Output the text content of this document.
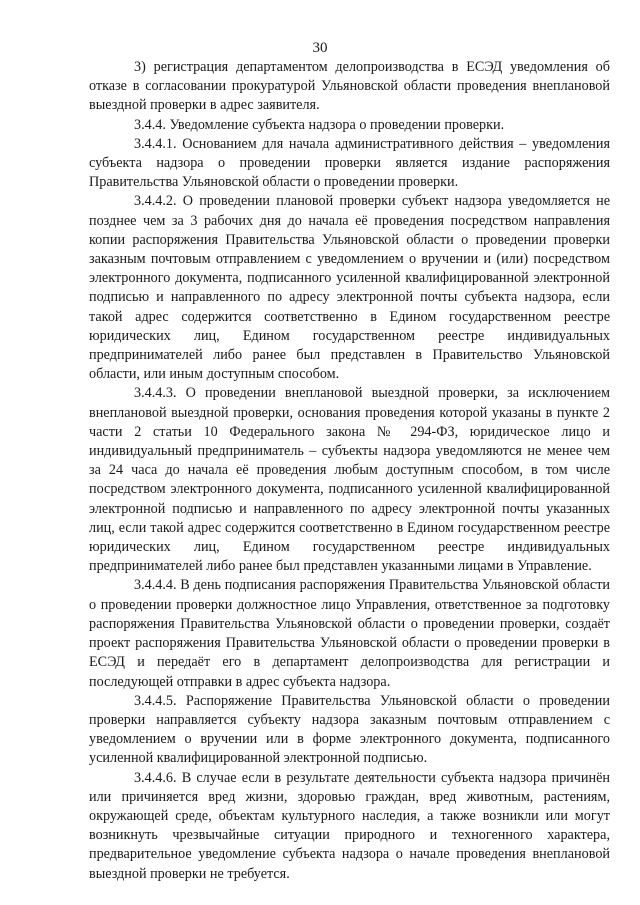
30

3) регистрация департаментом делопроизводства в ЕСЭД уведомления об отказе в согласовании прокуратурой Ульяновской области проведения внеплановой выездной проверки в адрес заявителя.

3.4.4. Уведомление субъекта надзора о проведении проверки.

3.4.4.1. Основанием для начала административного действия – уведомления субъекта надзора о проведении проверки является издание распоряжения Правительства Ульяновской области о проведении проверки.

3.4.4.2. О проведении плановой проверки субъект надзора уведомляется не позднее чем за 3 рабочих дня до начала её проведения посредством направления копии распоряжения Правительства Ульяновской области о проведении проверки заказным почтовым отправлением с уведомлением о вручении и (или) посредством электронного документа, подписанного усиленной квалифицированной электронной подписью и направленного по адресу электронной почты субъекта надзора, если такой адрес содержится соответственно в Едином государственном реестре юридических лиц, Едином государственном реестре индивидуальных предпринимателей либо ранее был представлен в Правительство Ульяновской области, или иным доступным способом.

3.4.4.3. О проведении внеплановой выездной проверки, за исключением внеплановой выездной проверки, основания проведения которой указаны в пункте 2 части 2 статьи 10 Федерального закона № 294-ФЗ, юридическое лицо и индивидуальный предприниматель – субъекты надзора уведомляются не менее чем за 24 часа до начала её проведения любым доступным способом, в том числе посредством электронного документа, подписанного усиленной квалифицированной электронной подписью и направленного по адресу электронной почты указанных лиц, если такой адрес содержится соответственно в Едином государственном реестре юридических лиц, Едином государственном реестре индивидуальных предпринимателей либо ранее был представлен указанными лицами в Управление.

3.4.4.4. В день подписания распоряжения Правительства Ульяновской области о проведении проверки должностное лицо Управления, ответственное за подготовку распоряжения Правительства Ульяновской области о проведении проверки, создаёт проект распоряжения Правительства Ульяновской области о проведении проверки в ЕСЭД и передаёт его в департамент делопроизводства для регистрации и последующей отправки в адрес субъекта надзора.

3.4.4.5. Распоряжение Правительства Ульяновской области о проведении проверки направляется субъекту надзора заказным почтовым отправлением с уведомлением о вручении или в форме электронного документа, подписанного усиленной квалифицированной электронной подписью.

3.4.4.6. В случае если в результате деятельности субъекта надзора причинён или причиняется вред жизни, здоровью граждан, вред животным, растениям, окружающей среде, объектам культурного наследия, а также возникли или могут возникнуть чрезвычайные ситуации природного и техногенного характера, предварительное уведомление субъекта надзора о начале проведения внеплановой выездной проверки не требуется.
